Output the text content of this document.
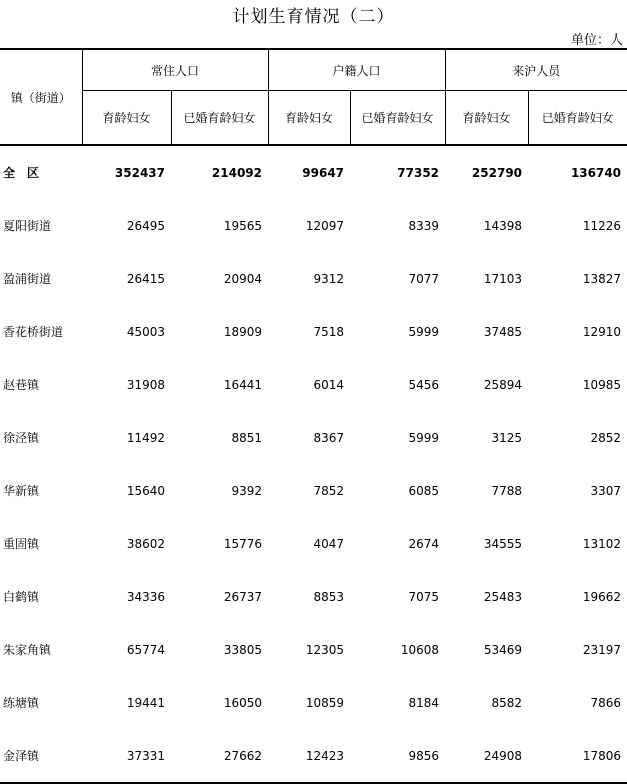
计划生育情况（二）
单位：人
镇（街道）	常住人口		户籍人口		来沪人员	
	育龄妇女	已婚育龄妇女	育龄妇女	已婚育龄妇女	育龄妇女	已婚育龄妇女
全　区	352437	214092	99647	77352	252790	136740
夏阳街道	26495	19565	12097	8339	14398	11226
盈浦街道	26415	20904	9312	7077	17103	13827
香花桥街道	45003	18909	7518	5999	37485	12910
赵巷镇	31908	16441	6014	5456	25894	10985
徐泾镇	11492	8851	8367	5999	3125	2852
华新镇	15640	9392	7852	6085	7788	3307
重固镇	38602	15776	4047	2674	34555	13102
白鹤镇	34336	26737	8853	7075	25483	19662
朱家角镇	65774	33805	12305	10608	53469	23197
练塘镇	19441	16050	10859	8184	8582	7866
金泽镇	37331	27662	12423	9856	24908	17806
